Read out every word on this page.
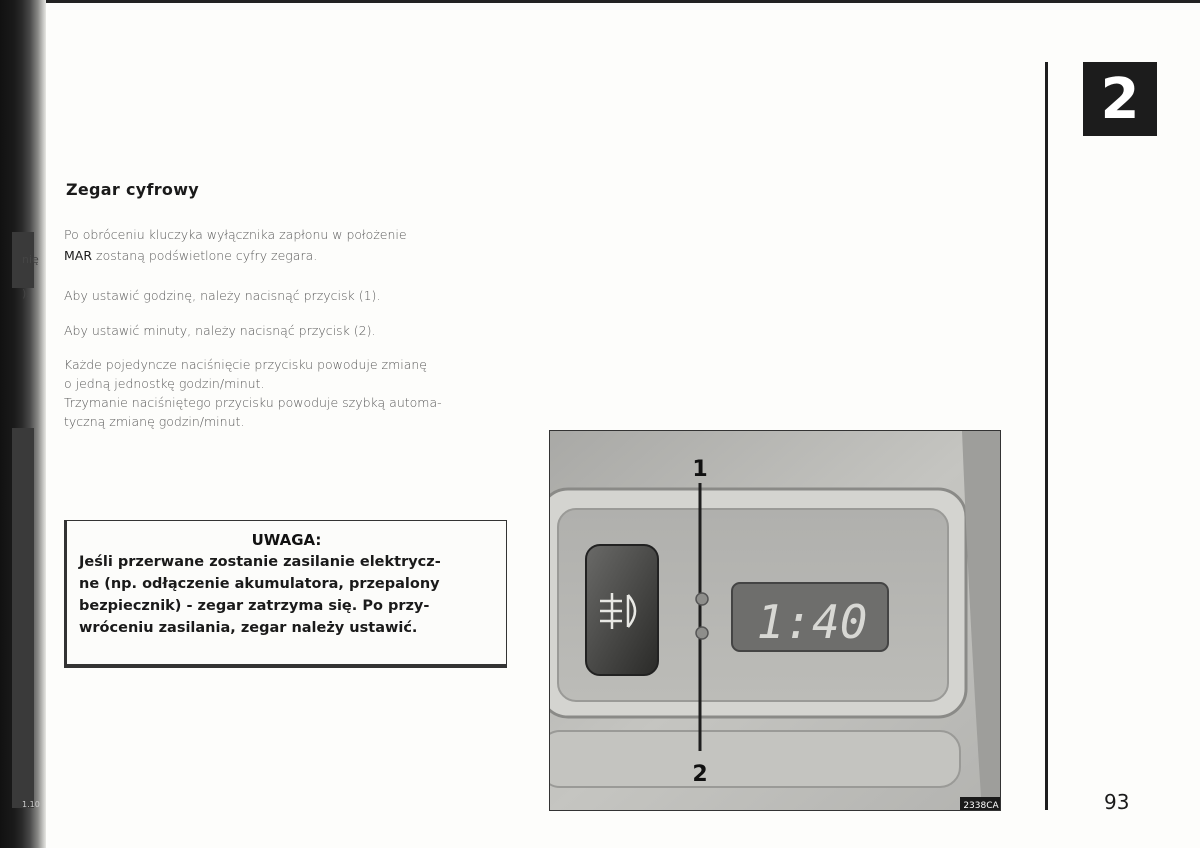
nię
).
1.10
2
93
Zegar cyfrowy
Po obróceniu kluczyka wyłącznika zapłonu w położenie
MAR zostaną podświetlone cyfry zegara.
Aby ustawić godzinę, należy nacisnąć przycisk (1).
Aby ustawić minuty, należy nacisnąć przycisk (2).
Każde pojedyncze naciśnięcie przycisku powoduje zmianę
o jedną jednostkę godzin/minut.
Trzymanie naciśniętego przycisku powoduje szybką automa-
tyczną zmianę godzin/minut.
UWAGA:
Jeśli przerwane zostanie zasilanie elektrycz-
ne (np. odłączenie akumulatora, przepalony
bezpiecznik) - zegar zatrzyma się. Po przy-
wróceniu zasilania, zegar należy ustawić.
1
2
1:40
2338CA
